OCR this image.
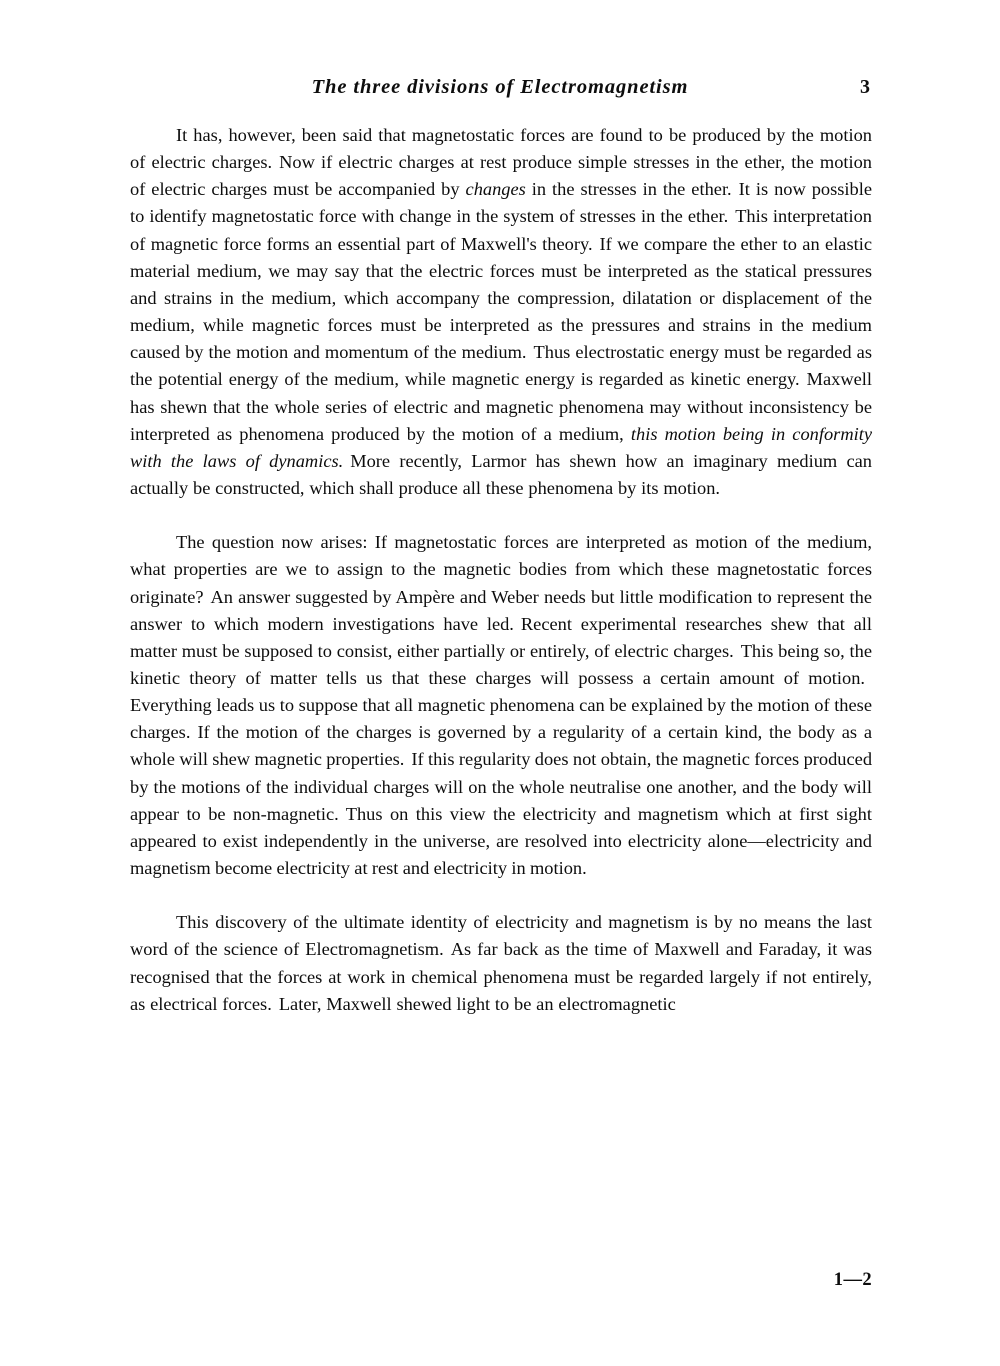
The three divisions of Electromagnetism	3

It has, however, been said that magnetostatic forces are found to be produced by the motion of electric charges. Now if electric charges at rest produce simple stresses in the ether, the motion of electric charges must be accompanied by changes in the stresses in the ether. It is now possible to identify magnetostatic force with change in the system of stresses in the ether. This interpretation of magnetic force forms an essential part of Maxwell's theory. If we compare the ether to an elastic material medium, we may say that the electric forces must be interpreted as the statical pressures and strains in the medium, which accompany the compression, dilatation or displacement of the medium, while magnetic forces must be interpreted as the pressures and strains in the medium caused by the motion and momentum of the medium. Thus electrostatic energy must be regarded as the potential energy of the medium, while magnetic energy is regarded as kinetic energy. Maxwell has shewn that the whole series of electric and magnetic phenomena may without inconsistency be interpreted as phenomena produced by the motion of a medium, this motion being in conformity with the laws of dynamics. More recently, Larmor has shewn how an imaginary medium can actually be constructed, which shall produce all these phenomena by its motion.

The question now arises: If magnetostatic forces are interpreted as motion of the medium, what properties are we to assign to the magnetic bodies from which these magnetostatic forces originate? An answer suggested by Ampère and Weber needs but little modification to represent the answer to which modern investigations have led. Recent experimental researches shew that all matter must be supposed to consist, either partially or entirely, of electric charges. This being so, the kinetic theory of matter tells us that these charges will possess a certain amount of motion.Everything leads us to suppose that all magnetic phenomena can be explained by the motion of these charges. If the motion of the charges is governed by a regularity of a certain kind, the body as a whole will shew magnetic properties. If this regularity does not obtain, the magnetic forces produced by the motions of the individual charges will on the whole neutralise one another, and the body will appear to be non-magnetic. Thus on this view the electricity and magnetism which at first sight appeared to exist independently in the universe, are resolved into electricity alone—electricity and magnetism become electricity at rest and electricity in motion.

This discovery of the ultimate identity of electricity and magnetism is by no means the last word of the science of Electromagnetism. As far back as the time of Maxwell and Faraday, it was recognised that the forces at work in chemical phenomena must be regarded largely if not entirely, as electrical forces. Later, Maxwell shewed light to be an electromagnetic

1—2
